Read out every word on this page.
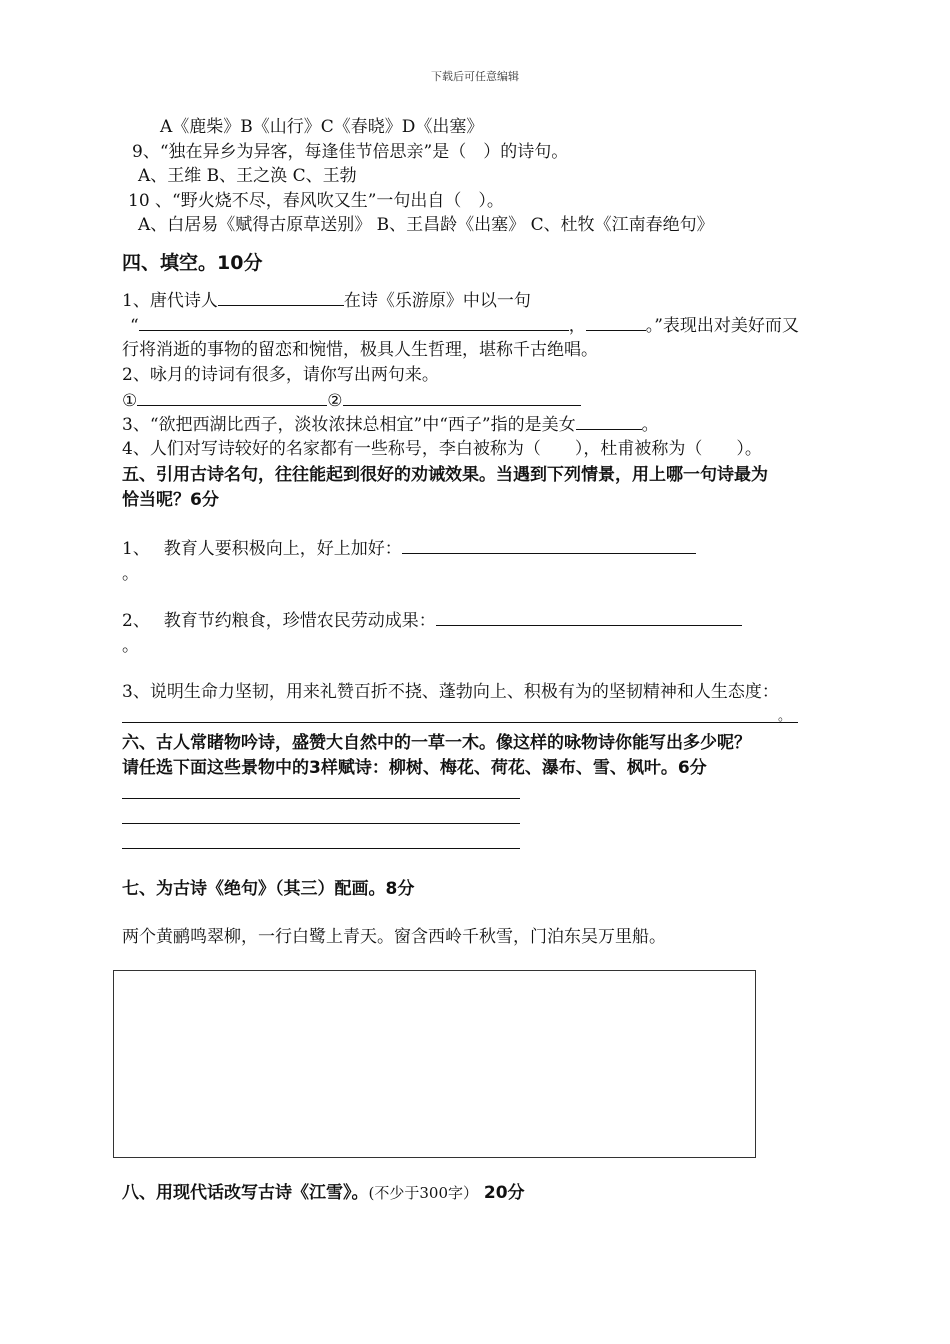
下载后可任意编辑
A《鹿柴》B《山行》C《春晓》D《出塞》
9、“独在异乡为异客，每逢佳节倍思亲”是（　）的诗句。
A、王维 B、王之涣 C、王勃
10 、“野火烧不尽，春风吹又生”一句出自（　）。
A、白居易《赋得古原草送别》 B、王昌龄《出塞》 C、杜牧《江南春绝句》
四、填空。10分
1、唐代诗人	在诗《乐游原》中以一句
“	，	。”表现出对美好而又
行将消逝的事物的留恋和惋惜，极具人生哲理，堪称千古绝唱。
2、咏月的诗词有很多，请你写出两句来。
①	②
3、“欲把西湖比西子，淡妆浓抹总相宜”中“西子”指的是美女	。
4、人们对写诗较好的名家都有一些称号，李白被称为（　　），杜甫被称为（　　）。
五、引用古诗名句，往往能起到很好的劝诫效果。当遇到下列情景，用上哪一句诗最为
恰当呢？6分
1、　 教育人要积极向上，好上加好：
。
2、　 教育节约粮食，珍惜农民劳动成果：
。
3、说明生命力坚韧，用来礼赞百折不挠、蓬勃向上、积极有为的坚韧精神和人生态度：
。
六、古人常睹物吟诗，盛赞大自然中的一草一木。像这样的咏物诗你能写出多少呢？
请任选下面这些景物中的3样赋诗：柳树、梅花、荷花、瀑布、雪、枫叶。6分
七、为古诗《绝句》（其三）配画。8分
两个黄鹂鸣翠柳，一行白鹭上青天。窗含西岭千秋雪，门泊东吴万里船。
八、用现代话改写古诗《江雪》。(不少于300字） 20分
